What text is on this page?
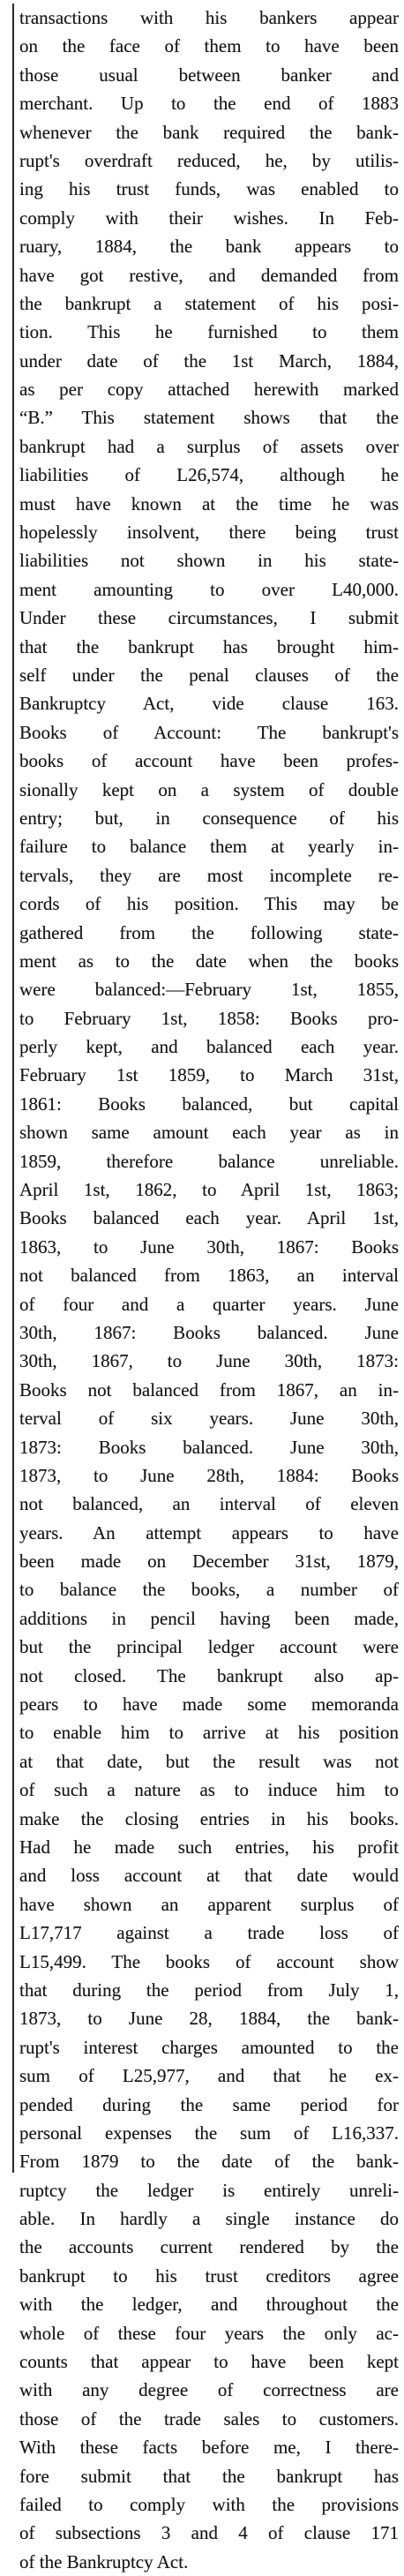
transactions with his bankers appear
on the face of them to have been
those usual between banker and
merchant. Up to the end of 1883
whenever the bank required the bank-
rupt's overdraft reduced, he, by utilis-
ing his trust funds, was enabled to
comply with their wishes. In Feb-
ruary, 1884, the bank appears to
have got restive, and demanded from
the bankrupt a statement of his posi-
tion. This he furnished to them
under date of the 1st March, 1884,
as per copy attached herewith marked
“B.” This statement shows that the
bankrupt had a surplus of assets over
liabilities of L26,574, although he
must have known at the time he was
hopelessly insolvent, there being trust
liabilities not shown in his state-
ment amounting to over L40,000.
Under these circumstances, I submit
that the bankrupt has brought him-
self under the penal clauses of the
Bankruptcy Act, vide clause 163.
Books of Account: The bankrupt's
books of account have been profes-
sionally kept on a system of double
entry; but, in consequence of his
failure to balance them at yearly in-
tervals, they are most incomplete re-
cords of his position. This may be
gathered from the following state-
ment as to the date when the books
were balanced:—February 1st, 1855,
to February 1st, 1858: Books pro-
perly kept, and balanced each year.
February 1st 1859, to March 31st,
1861: Books balanced, but capital
shown same amount each year as in
1859, therefore balance unreliable.
April 1st, 1862, to April 1st, 1863;
Books balanced each year. April 1st,
1863, to June 30th, 1867: Books
not balanced from 1863, an interval
of four and a quarter years. June
30th, 1867: Books balanced. June
30th, 1867, to June 30th, 1873:
Books not balanced from 1867, an in-
terval of six years. June 30th,
1873: Books balanced. June 30th,
1873, to June 28th, 1884: Books
not balanced, an interval of eleven
years. An attempt appears to have
been made on December 31st, 1879,
to balance the books, a number of
additions in pencil having been made,
but the principal ledger account were
not closed. The bankrupt also ap-
pears to have made some memoranda
to enable him to arrive at his position
at that date, but the result was not
of such a nature as to induce him to
make the closing entries in his books.
Had he made such entries, his profit
and loss account at that date would
have shown an apparent surplus of
L17,717 against a trade loss of
L15,499. The books of account show
that during the period from July 1,
1873, to June 28, 1884, the bank-
rupt's interest charges amounted to the
sum of L25,977, and that he ex-
pended during the same period for
personal expenses the sum of L16,337.
From 1879 to the date of the bank-
ruptcy the ledger is entirely unreli-
able. In hardly a single instance do
the accounts current rendered by the
bankrupt to his trust creditors agree
with the ledger, and throughout the
whole of these four years the only ac-
counts that appear to have been kept
with any degree of correctness are
those of the trade sales to customers.
With these facts before me, I there-
fore submit that the bankrupt has
failed to comply with the provisions
of subsections 3 and 4 of clause 171
of the Bankruptcy Act.
